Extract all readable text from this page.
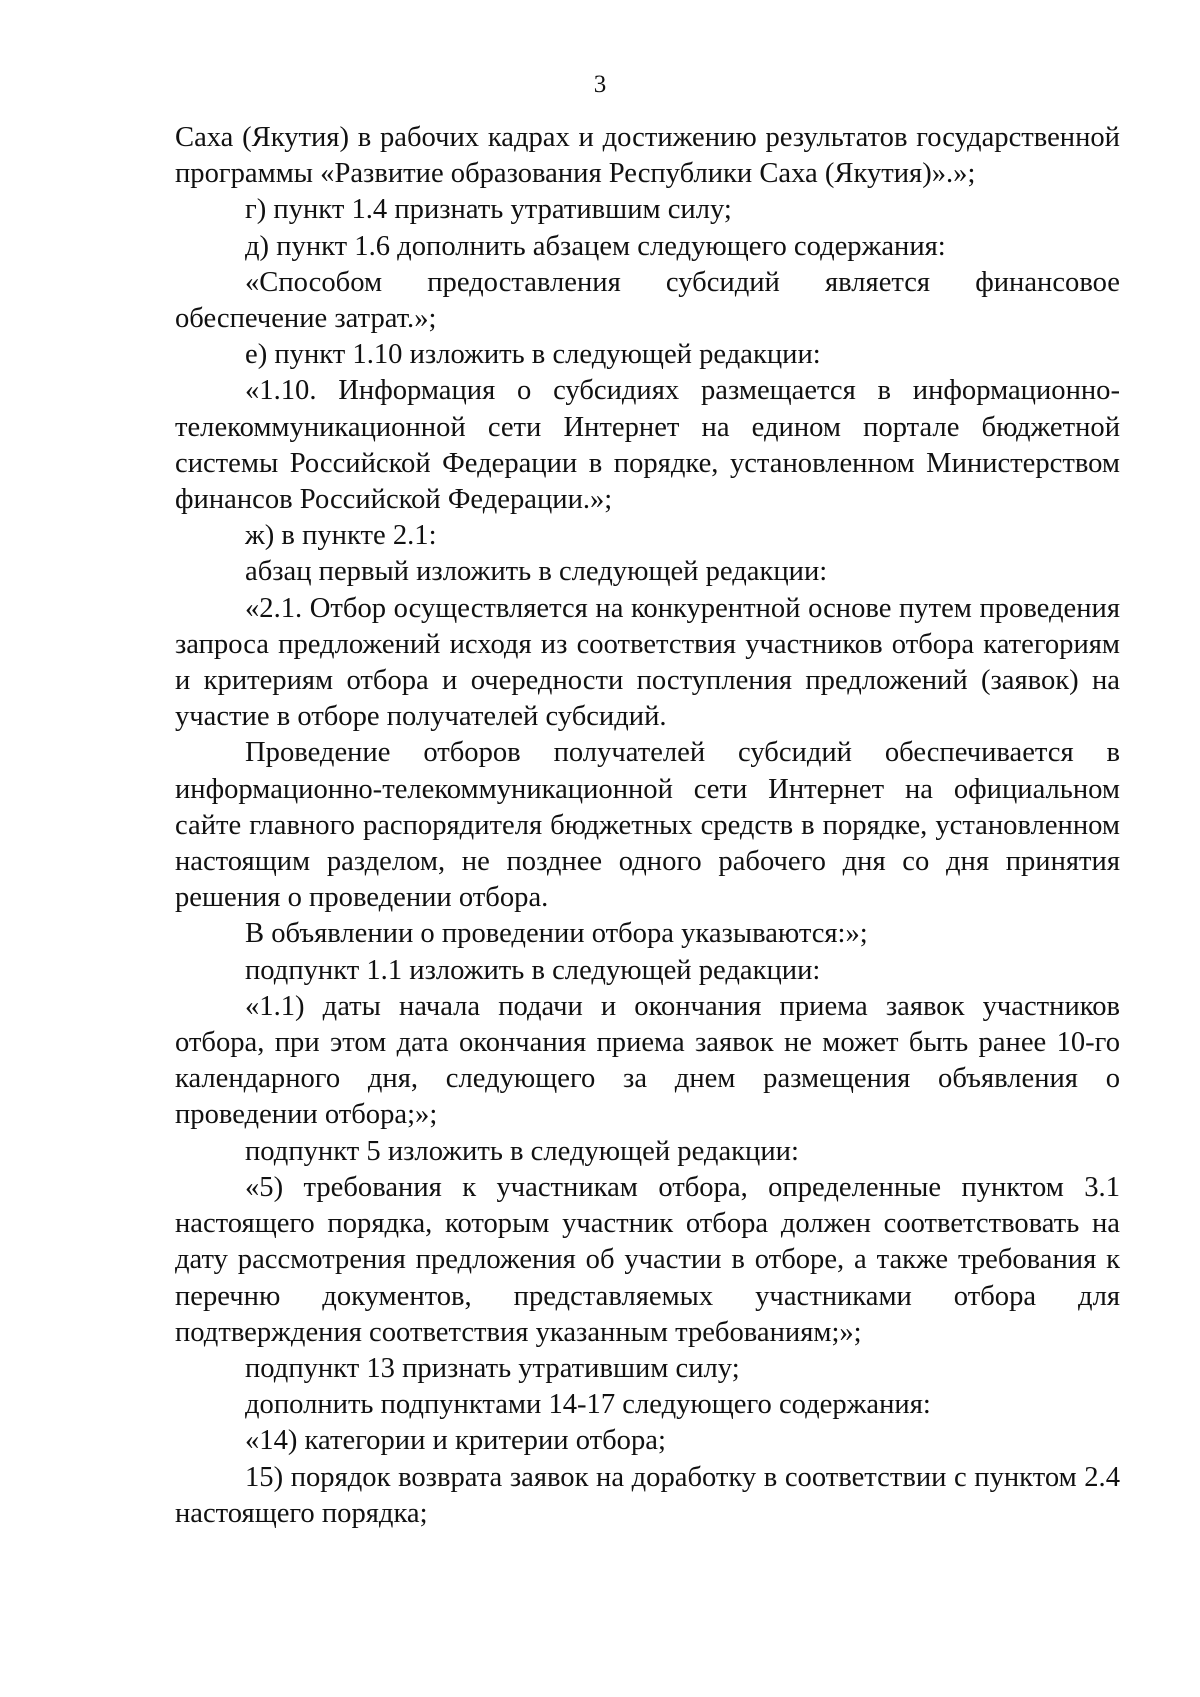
3

Саха (Якутия) в рабочих кадрах и достижению результатов государственной программы «Развитие образования Республики Саха (Якутия)».»;

г) пункт 1.4 признать утратившим силу;

д) пункт 1.6 дополнить абзацем следующего содержания:

«Способом предоставления субсидий является финансовое обеспечение затрат.»;

е) пункт 1.10 изложить в следующей редакции:

«1.10. Информация о субсидиях размещается в информационно-телекоммуникационной сети Интернет на едином портале бюджетной системы Российской Федерации в порядке, установленном Министерством финансов Российской Федерации.»;

ж) в пункте 2.1:

абзац первый изложить в следующей редакции:

«2.1. Отбор осуществляется на конкурентной основе путем проведения запроса предложений исходя из соответствия участников отбора категориям и критериям отбора и очередности поступления предложений (заявок) на участие в отборе получателей субсидий.

Проведение отборов получателей субсидий обеспечивается в информационно-телекоммуникационной сети Интернет на официальном сайте главного распорядителя бюджетных средств в порядке, установленном настоящим разделом, не позднее одного рабочего дня со дня принятия решения о проведении отбора.

В объявлении о проведении отбора указываются:»;

подпункт 1.1 изложить в следующей редакции:

«1.1) даты начала подачи и окончания приема заявок участников отбора, при этом дата окончания приема заявок не может быть ранее 10-го календарного дня, следующего за днем размещения объявления о проведении отбора;»;

подпункт 5 изложить в следующей редакции:

«5) требования к участникам отбора, определенные пунктом 3.1 настоящего порядка, которым участник отбора должен соответствовать на дату рассмотрения предложения об участии в отборе, а также требования к перечню документов, представляемых участниками отбора для подтверждения соответствия указанным требованиям;»;

подпункт 13 признать утратившим силу;

дополнить подпунктами 14-17 следующего содержания:

«14) категории и критерии отбора;

15) порядок возврата заявок на доработку в соответствии с пунктом 2.4 настоящего порядка;
